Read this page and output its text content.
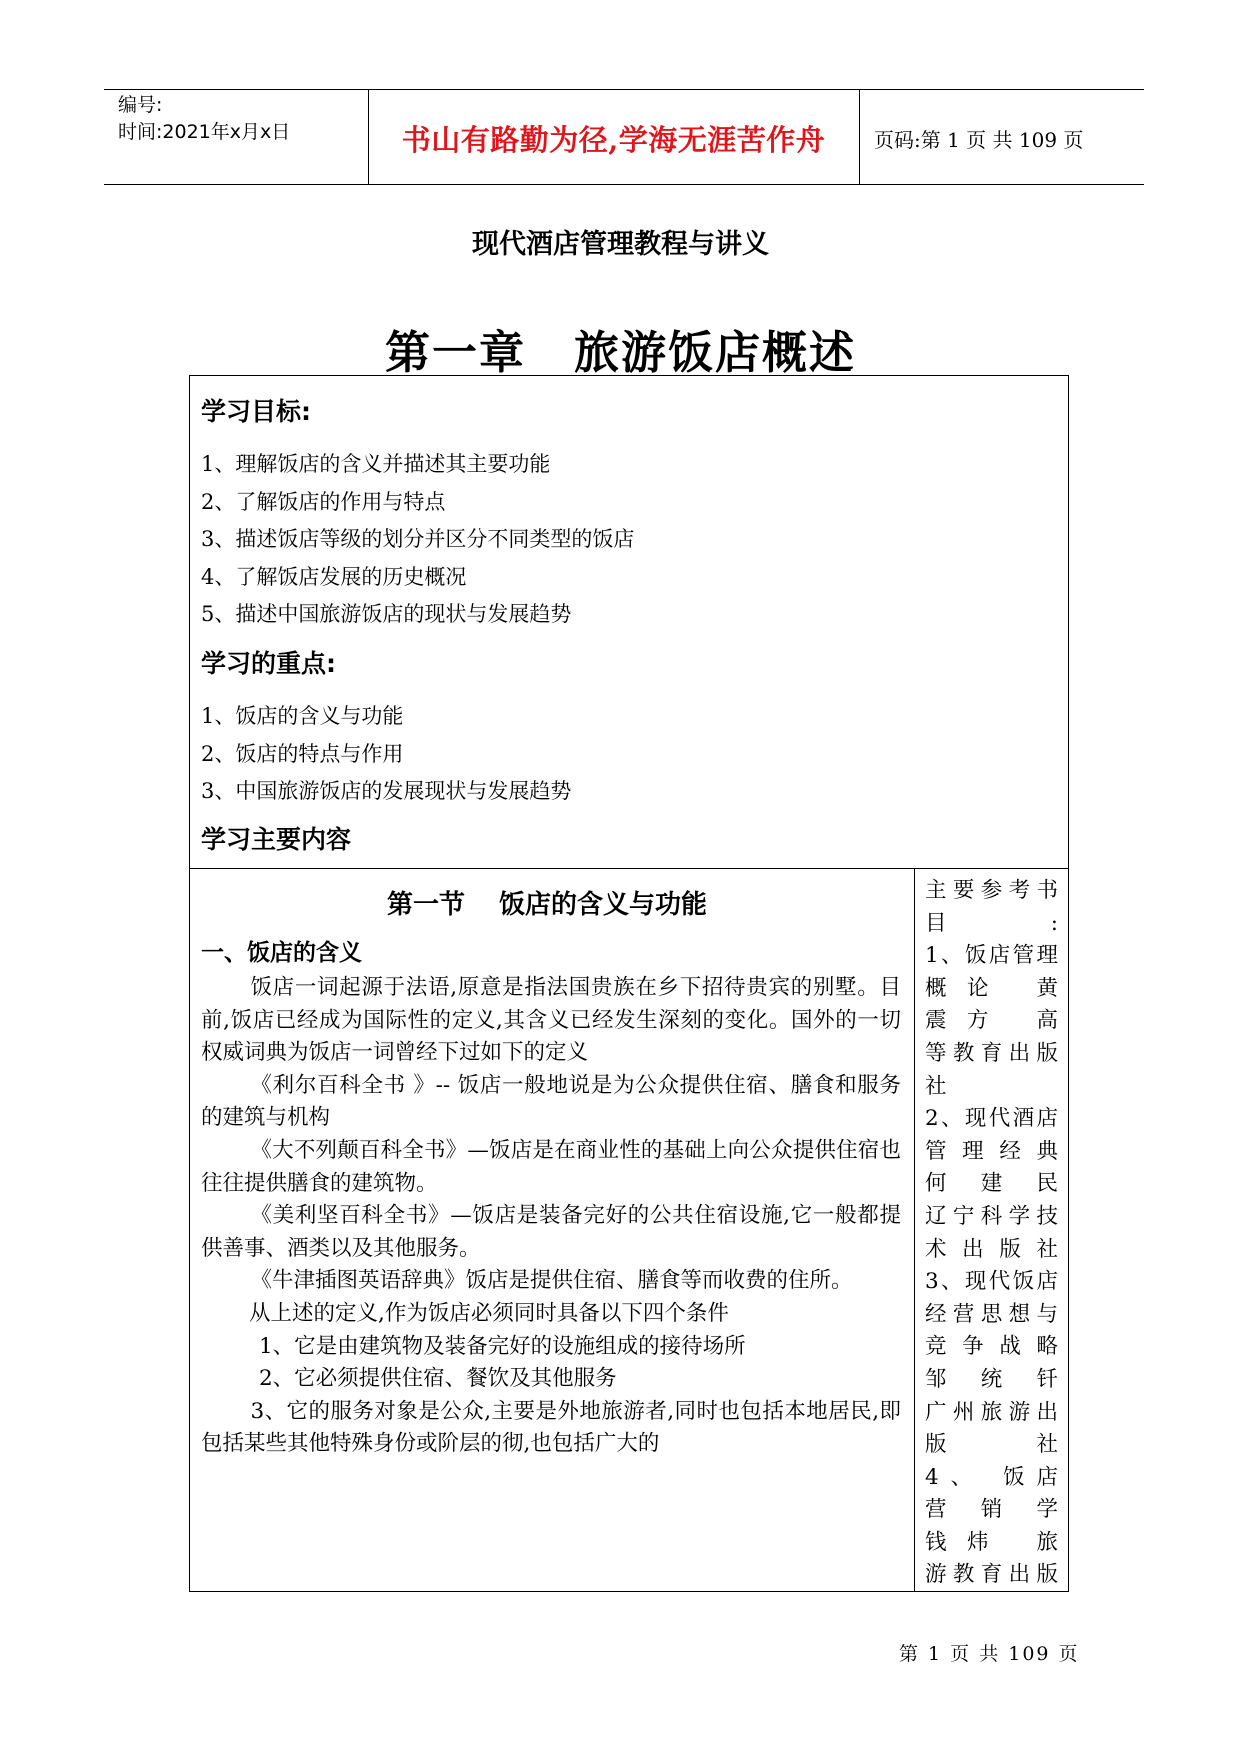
编号:
时间:2021年x月x日	书山有路勤为径,学海无涯苦作舟	页码:第 1 页 共 109 页
现代酒店管理教程与讲义
第一章 旅游饭店概述
学习目标:
1、理解饭店的含义并描述其主要功能
2、了解饭店的作用与特点
3、描述饭店等级的划分并区分不同类型的饭店
4、了解饭店发展的历史概况
5、描述中国旅游饭店的现状与发展趋势
学习的重点:
1、饭店的含义与功能
2、饭店的特点与作用
3、中国旅游饭店的发展现状与发展趋势
学习主要内容
第一节 饭店的含义与功能
一、饭店的含义

饭店一词起源于法语,原意是指法国贵族在乡下招待贵宾的别墅。目前,饭店已经成为国际性的定义,其含义已经发生深刻的变化。国外的一切权威词典为饭店一词曾经下过如下的定义

《利尔百科全书 》-- 饭店一般地说是为公众提供住宿、膳食和服务的建筑与机构

《大不列颠百科全书》—饭店是在商业性的基础上向公众提供住宿也往往提供膳食的建筑物。

《美利坚百科全书》—饭店是装备完好的公共住宿设施,它一般都提供善事、酒类以及其他服务。

《牛津插图英语辞典》饭店是提供住宿、膳食等而收费的住所。

从上述的定义,作为饭店必须同时具备以下四个条件

1、它是由建筑物及装备完好的设施组成的接待场所

2、它必须提供住宿、餐饮及其他服务

3、它的服务对象是公众,主要是外地旅游者,同时也包括本地居民,即包括某些其他特殊身份或阶层的彻,也包括广大的

主要参考书
目:
1、饭店管理
概论 黄
震方 高
等教育出版
社
2、现代酒店
管 理 经 典
何 建 民
辽宁科学技
术出版社
3、现代饭店
经营思想与
竞 争 战 略
邹统钎
广州旅游出
版社
4、 饭店
营销学
钱炜 旅
游教育出版
第 1 页 共 109 页
